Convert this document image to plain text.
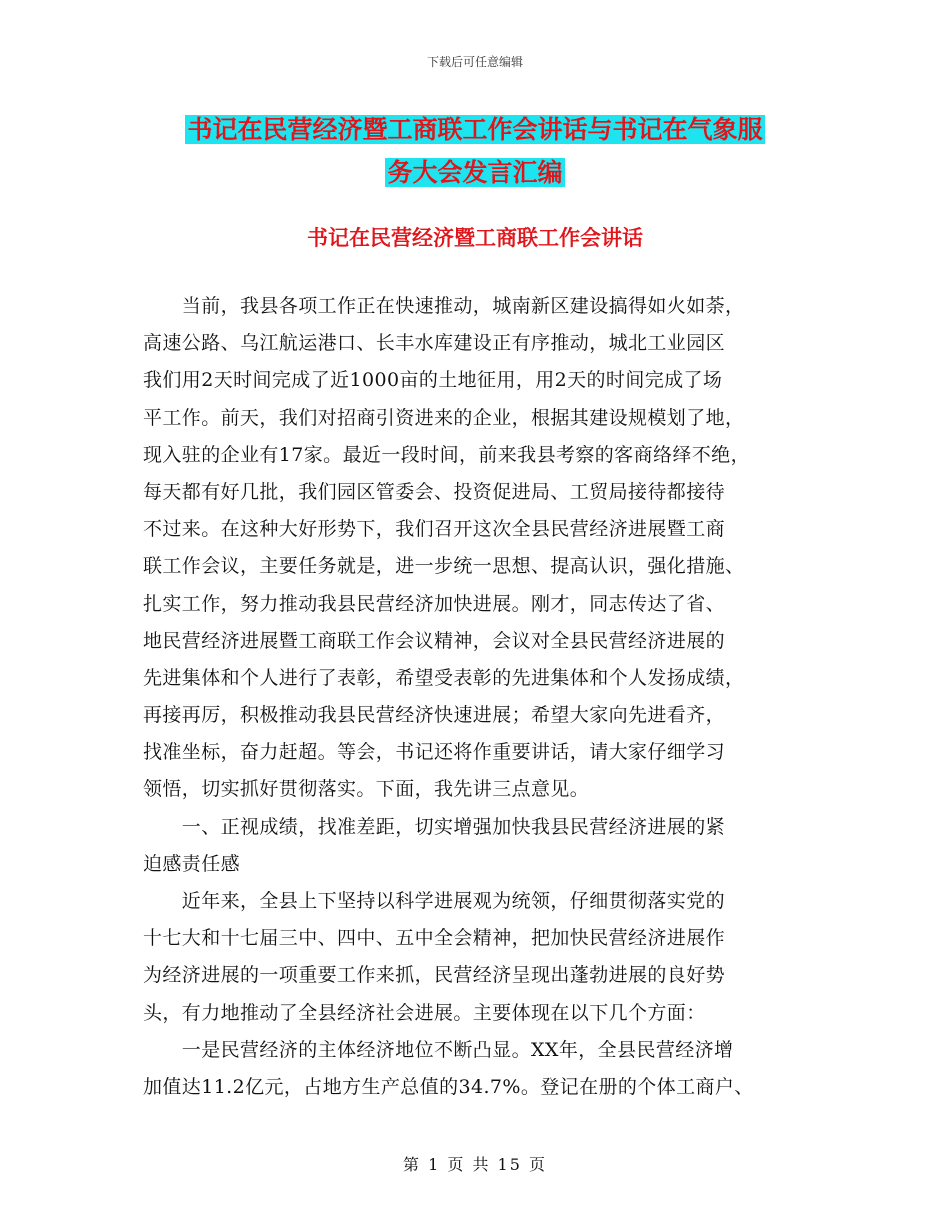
下载后可任意编辑
书记在民营经济暨工商联工作会讲话与书记在气象服
务大会发言汇编
书记在民营经济暨工商联工作会讲话
　　当前，我县各项工作正在快速推动，城南新区建设搞得如火如荼，
高速公路、乌江航运港口、长丰水库建设正有序推动，城北工业园区
我们用2天时间完成了近1000亩的土地征用，用2天的时间完成了场
平工作。前天，我们对招商引资进来的企业，根据其建设规模划了地，
现入驻的企业有17家。最近一段时间，前来我县考察的客商络绎不绝，
每天都有好几批，我们园区管委会、投资促进局、工贸局接待都接待
不过来。在这种大好形势下，我们召开这次全县民营经济进展暨工商
联工作会议，主要任务就是，进一步统一思想、提高认识，强化措施、
扎实工作，努力推动我县民营经济加快进展。刚才，同志传达了省、
地民营经济进展暨工商联工作会议精神，会议对全县民营经济进展的
先进集体和个人进行了表彰，希望受表彰的先进集体和个人发扬成绩，
再接再厉，积极推动我县民营经济快速进展；希望大家向先进看齐，
找准坐标，奋力赶超。等会，书记还将作重要讲话，请大家仔细学习
领悟，切实抓好贯彻落实。下面，我先讲三点意见。
　　一、正视成绩，找准差距，切实增强加快我县民营经济进展的紧
迫感责任感
　　近年来，全县上下坚持以科学进展观为统领，仔细贯彻落实党的
十七大和十七届三中、四中、五中全会精神，把加快民营经济进展作
为经济进展的一项重要工作来抓，民营经济呈现出蓬勃进展的良好势
头，有力地推动了全县经济社会进展。主要体现在以下几个方面：
　　一是民营经济的主体经济地位不断凸显。XX年，全县民营经济增
加值达11.2亿元，占地方生产总值的34.7%。登记在册的个体工商户、
第 1 页 共 15 页
